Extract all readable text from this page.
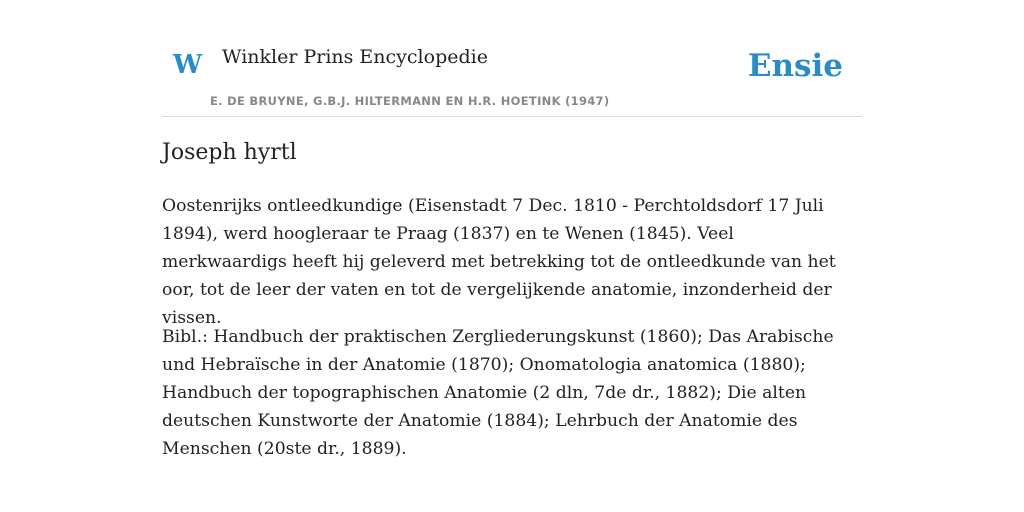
W Winkler Prins Encyclopedie
E. DE BRUYNE, G.B.J. HILTERMANN EN H.R. HOETINK (1947)
Ensie
Joseph hyrtl

Oostenrijks ontleedkundige (Eisenstadt 7 Dec. 1810 - Perchtoldsdorf 17 Juli 1894), werd hoogleraar te Praag (1837) en te Wenen (1845). Veel merkwaardigs heeft hij geleverd met betrekking tot de ontleedkunde van het oor, tot de leer der vaten en tot de vergelijkende anatomie, inzonderheid der vissen.

Bibl.: Handbuch der praktischen Zergliederungskunst (1860); Das Arabische und Hebraïsche in der Anatomie (1870); Onomatologia anatomica (1880); Handbuch der topographischen Anatomie (2 dln, 7de dr., 1882); Die alten deutschen Kunstworte der Anatomie (1884); Lehrbuch der Anatomie des Menschen (20ste dr., 1889).
